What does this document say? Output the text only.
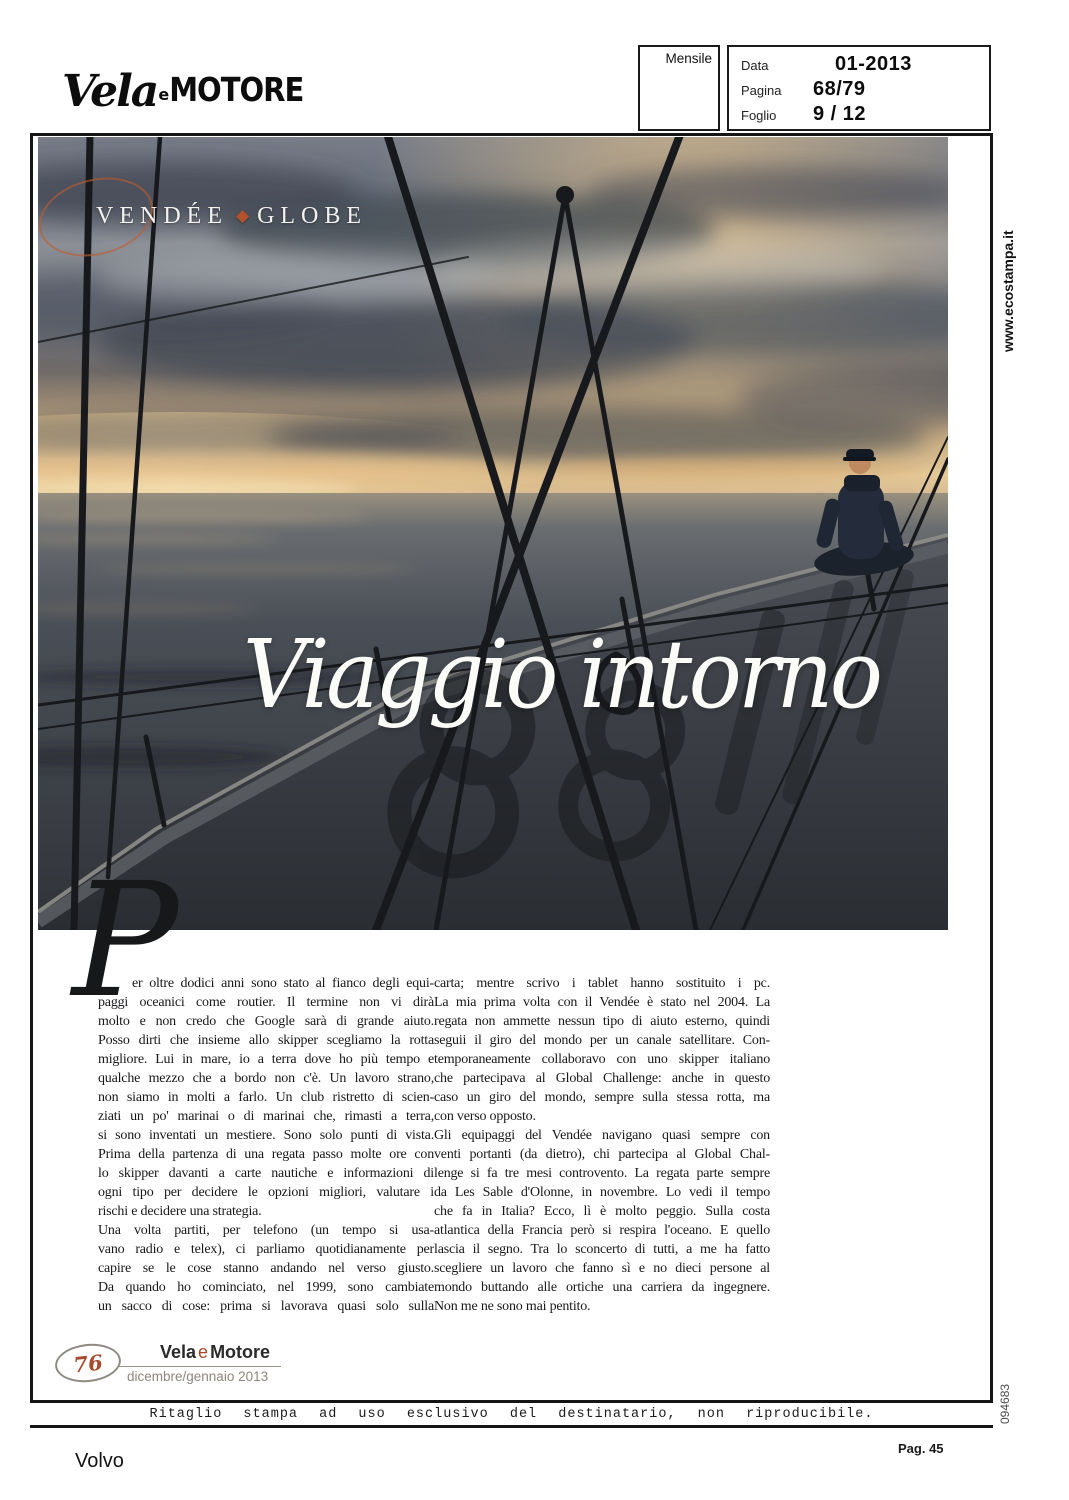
VelaeMOTORE
Mensile Data	01-2013
Pagina	68/79
Foglio	9 / 12
VENDÉE ◆ GLOBE
Viaggio intorno
P
er oltre dodici anni sono stato al fianco degli equi-
paggi oceanici come routier. Il termine non vi dirà
molto e non credo che Google sarà di grande aiuto.
Posso dirti che insieme allo skipper scegliamo la rotta
migliore. Lui in mare, io a terra dove ho più tempo e
qualche mezzo che a bordo non c'è. Un lavoro strano,
non siamo in molti a farlo. Un club ristretto di scien-
ziati un po' marinai o di marinai che, rimasti a terra,
si sono inventati un mestiere. Sono solo punti di vista.
Prima della partenza di una regata passo molte ore con
lo skipper davanti a carte nautiche e informazioni di
ogni tipo per decidere le opzioni migliori, valutare i
rischi e decidere una strategia.
Una volta partiti, per telefono (un tempo si usa-
vano radio e telex), ci parliamo quotidianamente per
capire se le cose stanno andando nel verso giusto.
Da quando ho cominciato, nel 1999, sono cambiate
un sacco di cose: prima si lavorava quasi solo sulla
carta; mentre scrivo i tablet hanno sostituito i pc.
La mia prima volta con il Vendée è stato nel 2004. La
regata non ammette nessun tipo di aiuto esterno, quindi
seguii il giro del mondo per un canale satellitare. Con-
temporaneamente collaboravo con uno skipper italiano
che partecipava al Global Challenge: anche in questo
caso un giro del mondo, sempre sulla stessa rotta, ma
con verso opposto.
Gli equipaggi del Vendée navigano quasi sempre con
venti portanti (da dietro), chi partecipa al Global Chal-
lenge si fa tre mesi controvento. La regata parte sempre
da Les Sable d'Olonne, in novembre. Lo vedi il tempo
che fa in Italia? Ecco, lì è molto peggio. Sulla costa
atlantica della Francia però si respira l'oceano. E quello
lascia il segno. Tra lo sconcerto di tutti, a me ha fatto
scegliere un lavoro che fanno sì e no dieci persone al
mondo buttando alle ortiche una carriera da ingegnere.
Non me ne sono mai pentito.
76	Vela e Motore
dicembre/gennaio 2013
Ritaglio stampa ad uso esclusivo del destinatario, non riproducibile.
Volvo
Pag. 45
www.ecostampa.it
094683
